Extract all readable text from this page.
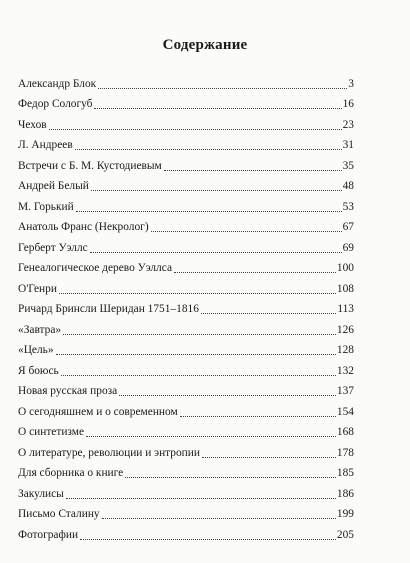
Содержание
Александр Блок	3
Федор Сологуб	16
Чехов	23
Л. Андреев	31
Встречи с Б. М. Кустодиевым	35
Андрей Белый	48
М. Горький	53
Анатоль Франс (Некролог)	67
Герберт Уэллс	69
Генеалогическое дерево Уэллса	100
О'Генри	108
Ричард Бринсли Шеридан 1751–1816	113
«Завтра»	126
«Цель»	128
Я боюсь	132
Новая русская проза	137
О сегодняшнем и о современном	154
О синтетизме	168
О литературе, революции и энтропии	178
Для сборника о книге	185
Закулисы	186
Письмо Сталину	199
Фотографии	205
